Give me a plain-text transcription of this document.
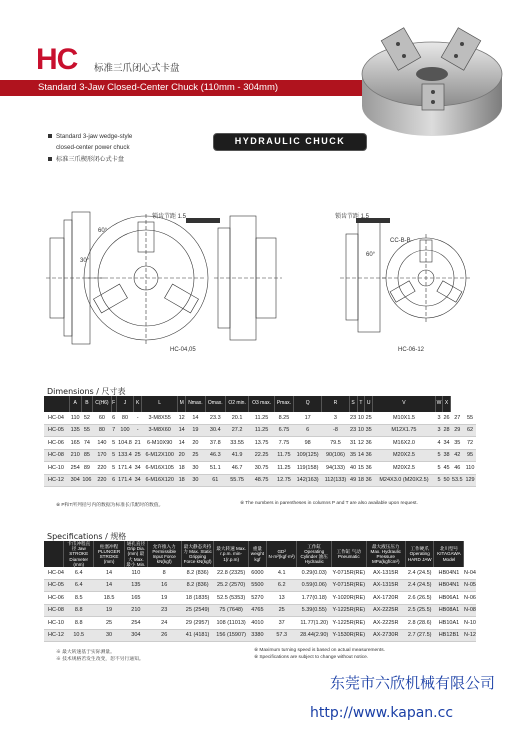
HC 标准三爪闭心式卡盘
Standard 3-Jaw Closed-Center Chuck (110mm - 304mm)
Standard 3-jaw wedge-style
closed-center power chuck
标准三爪楔形闭心式卡盘
HYDRAULIC CHUCK
锁齿节距 1.5	锁齿节距 1.5
60°
30°
60°
CC-B-B
HC-04,05	HC-06-12
Dimensions / 尺寸表
	A	B	C(H6)	F	J	K	L	M	Nmax.	Omax.	O2 min.	O3 max.	Pmax.	Q	R	S	T	U	V	W	X		
HC-04	110	52	60	6	80	-	3-M8X55	12	14	23.3	20.1	11.25	8.25	17	3	23	10	25	M10X1.5	3	26	27	55
HC-05	135	55	80	7	100	-	3-M8X60	14	19	30.4	27.2	11.25	6.75	6	-8	23	10	35	M12X1.75	3	28	29	62
HC-06	165	74	140	5	104.8	21	6-M10X90	14	20	37.8	33.55	13.75	7.75	98	79.5	31	12	36	M16X2.0	4	34	35	72
HC-08	210	85	170	5	133.4	25	6-M12X100	20	25	46.3	41.9	22.25	11.75	109(125)	90(106)	35	14	36	M20X2.5	5	38	42	95
HC-10	254	89	220	5	171.4	34	6-M16X105	18	30	51.1	46.7	30.75	11.25	119(158)	94(133)	40	15	36	M20X2.5	5	45	46	110
HC-12	304	106	220	6	171.4	34	6-M16X120	18	30	61	55.75	48.75	12.75	142(163)	112(133)	49	18	36	M24X3.0 (M20X2.5)	5	50	53.5	129
※ P和T所列括号内的数据为标准长爪配时的数值。	※ The numbers in parentheses in columns P and T are also available upon request.
Specifications / 规格
	卡爪冲程直径 Jaw STROKE Diameter (mm)	柱塞冲程 PLUNGER STROKE (mm)	通孔直径 Grip Dia. (mm) 最大 Max. 最小 Min.	允许推入力 Permissible Input Force kN(kgf)	最大静态夹持力 Max. Static Gripping Force kN(kgf)	最大转速 Max. r.p.m. min-1(r.p.m)	重量 weight kgf	GD² N·m²(kgf·m²)	工作缸 Operating Cylinder 油压 Hydraulic	工作缸 气动 Pneumatic	最大液压压力 Max. Hydraulic Pressure MPa(kgf/cm²)	工作硬爪 Operating HARD JAW	北川型号 KITAGAWA Model	
HC-04	6.4	14	110	8	8.2 (836)	22.8 (2325)	6000	4.1	0.29(0.03)	Y-0715R(RE)	AX-1315R	2.4 (24.5)	HB04N1	N-04
HC-05	6.4	14	135	16	8.2 (836)	25.2 (2570)	5500	6.2	0.59(0.06)	Y-0715R(RE)	AX-1315R	2.4 (24.5)	HB04N1	N-05
HC-06	8.5	18.5	165	19	18 (1835)	52.5 (5353)	5270	13	1.77(0.18)	Y-1020R(RE)	AX-1720R	2.6 (26.5)	HB06A1	N-06
HC-08	8.8	19	210	23	25 (2549)	75 (7648)	4765	25	5.39(0.55)	Y-1225R(RE)	AX-2225R	2.5 (25.5)	HB08A1	N-08
HC-10	8.8	25	254	24	29 (2957)	108 (11013)	4010	37	11.77(1.20)	Y-1225R(RE)	AX-2225R	2.8 (28.6)	HB10A1	N-10
HC-12	10.5	30	304	26	41 (4181)	156 (15907)	3380	57.3	28.44(2.90)	Y-1530R(RE)	AX-2730R	2.7 (27.5)	HB12B1	N-12
※ 最大转速基于实际测量。
※ 技术规格若发生改变，恕不另行通知。
※ Maximum turning speed is based on actual measurements.
※ Specifications are subject to change without notice.
东莞市六欣机械有限公司
http://www.kapan.cc
